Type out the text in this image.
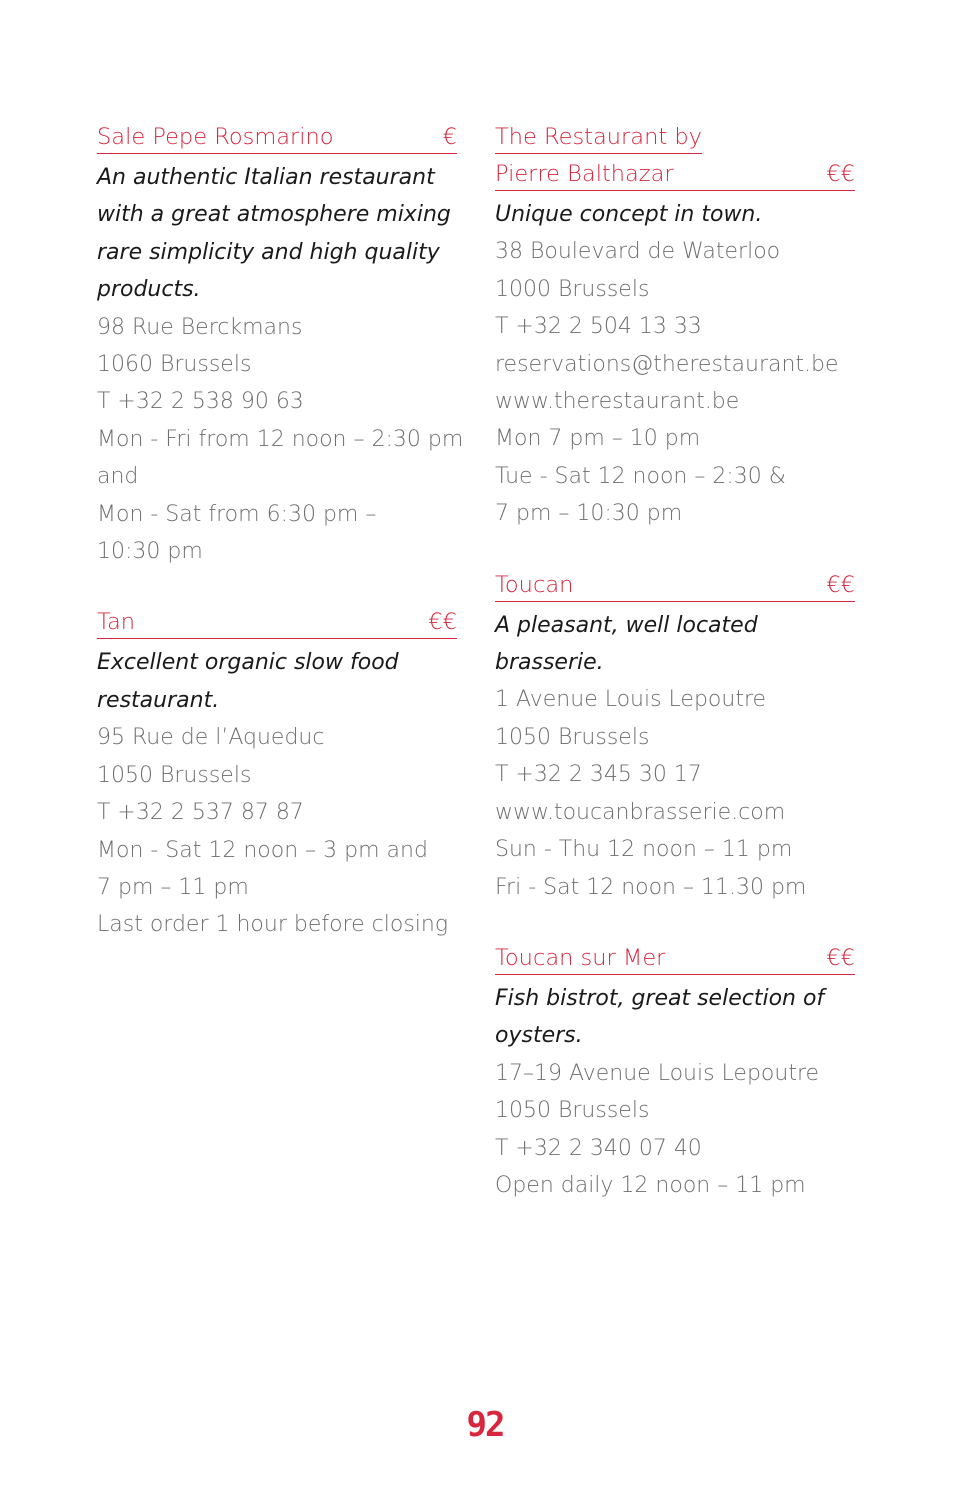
Sale Pepe Rosmarino	€
An authentic Italian restaurant
with a great atmosphere mixing
rare simplicity and high quality
products.
98 Rue Berckmans
1060 Brussels
T +32 2 538 90 63
Mon - Fri from 12 noon – 2:30 pm
and
Mon - Sat from 6:30 pm –
10:30 pm
Tan	€€
Excellent organic slow food
restaurant.
95 Rue de l’Aqueduc
1050 Brussels
T +32 2 537 87 87
Mon - Sat 12 noon – 3 pm and
7 pm – 11 pm
Last order 1 hour before closing
The Restaurant by
Pierre Balthazar	€€
Unique concept in town.
38 Boulevard de Waterloo
1000 Brussels
T +32 2 504 13 33
reservations@therestaurant.be
www.therestaurant.be
Mon 7 pm – 10 pm
Tue - Sat 12 noon – 2:30 &
7 pm – 10:30 pm
Toucan	€€
A pleasant, well located brasserie.
1 Avenue Louis Lepoutre
1050 Brussels
T +32 2 345 30 17
www.toucanbrasserie.com
Sun - Thu 12 noon – 11 pm
Fri - Sat 12 noon – 11.30 pm
Toucan sur Mer	€€
Fish bistrot, great selection of
oysters.
17–19 Avenue Louis Lepoutre
1050 Brussels
T +32 2 340 07 40
Open daily 12 noon – 11 pm
92
